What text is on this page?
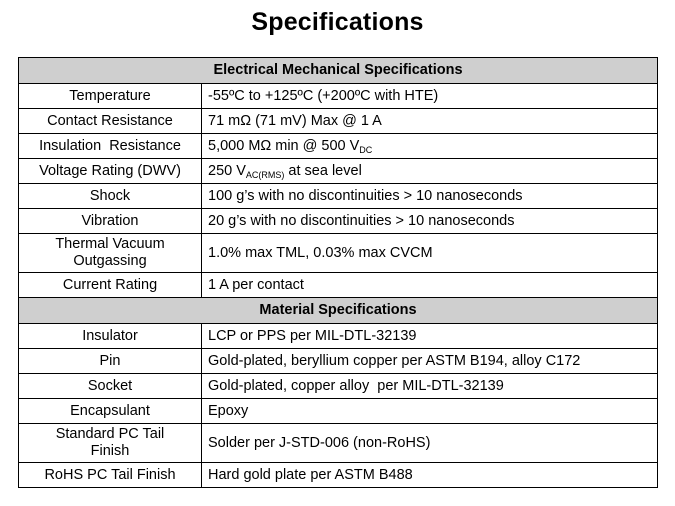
Specifications
Electrical Mechanical Specifications	
Temperature	-55ºC to +125ºC (+200ºC with HTE)
Contact Resistance	71 mΩ (71 mV) Max @ 1 A
Insulation  Resistance	5,000 MΩ min @ 500 $V_{DC}$
Voltage Rating (DWV)	250 $V_{AC(RMS)}$ at sea level
Shock	100 g’s with no discontinuities > 10 nanoseconds
Vibration	20 g’s with no discontinuities > 10 nanoseconds

Thermal Vacuum
Outgassing	1.0% max TML, 0.03% max CVCM
Current Rating	1 A per contact
Material Specifications	
Insulator	LCP or PPS per MIL-DTL-32139
Pin	Gold-plated, beryllium copper per ASTM B194, alloy C172
Socket	Gold-plated, copper alloy  per MIL-DTL-32139
Encapsulant	Epoxy

Standard PC Tail
Finish	Solder per J-STD-006 (non-RoHS)
RoHS PC Tail Finish	Hard gold plate per ASTM B488
